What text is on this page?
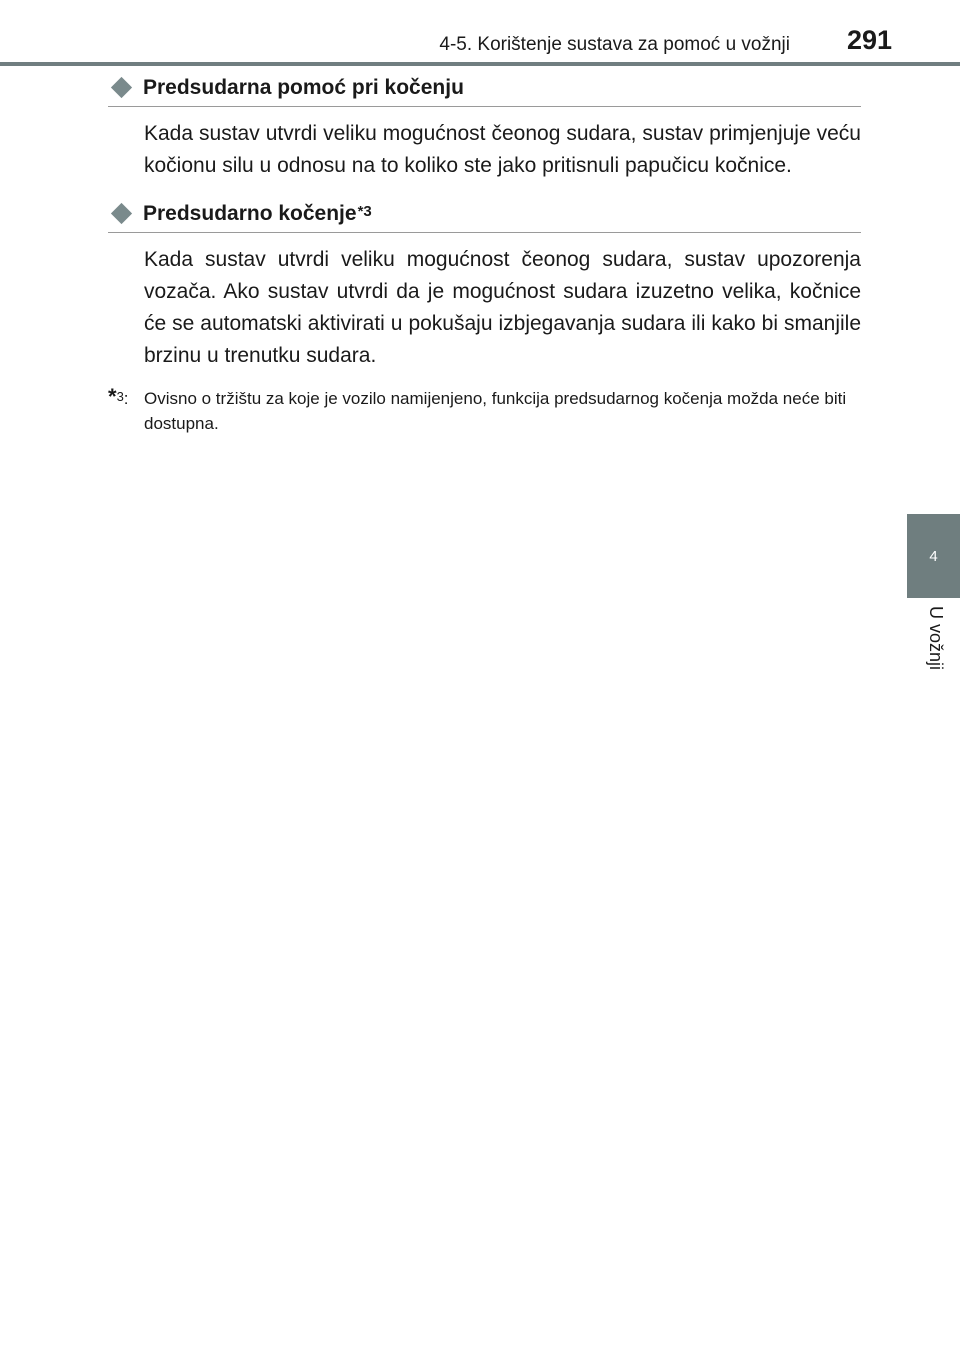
4-5. Korištenje sustava za pomoć u vožnji 291
4
U vožnji
Predsudarna pomoć pri kočenju

Kada sustav utvrdi veliku mogućnost čeonog sudara, sustav primjenjuje veću kočionu silu u odnosu na to koliko ste jako pritisnuli papučicu kočnice.

Predsudarno kočenje *3

Kada sustav utvrdi veliku mogućnost čeonog sudara, sustav upozorenja vozača. Ako sustav utvrdi da je mogućnost sudara izuzetno velika, kočnice će se automatski aktivirati u pokušaju izbjegavanja sudara ili kako bi smanjile brzinu u trenutku sudara.

*$^3$: Ovisno o tržištu za koje je vozilo namijenjeno, funkcija predsudarnog kočenja možda neće biti dostupna.
